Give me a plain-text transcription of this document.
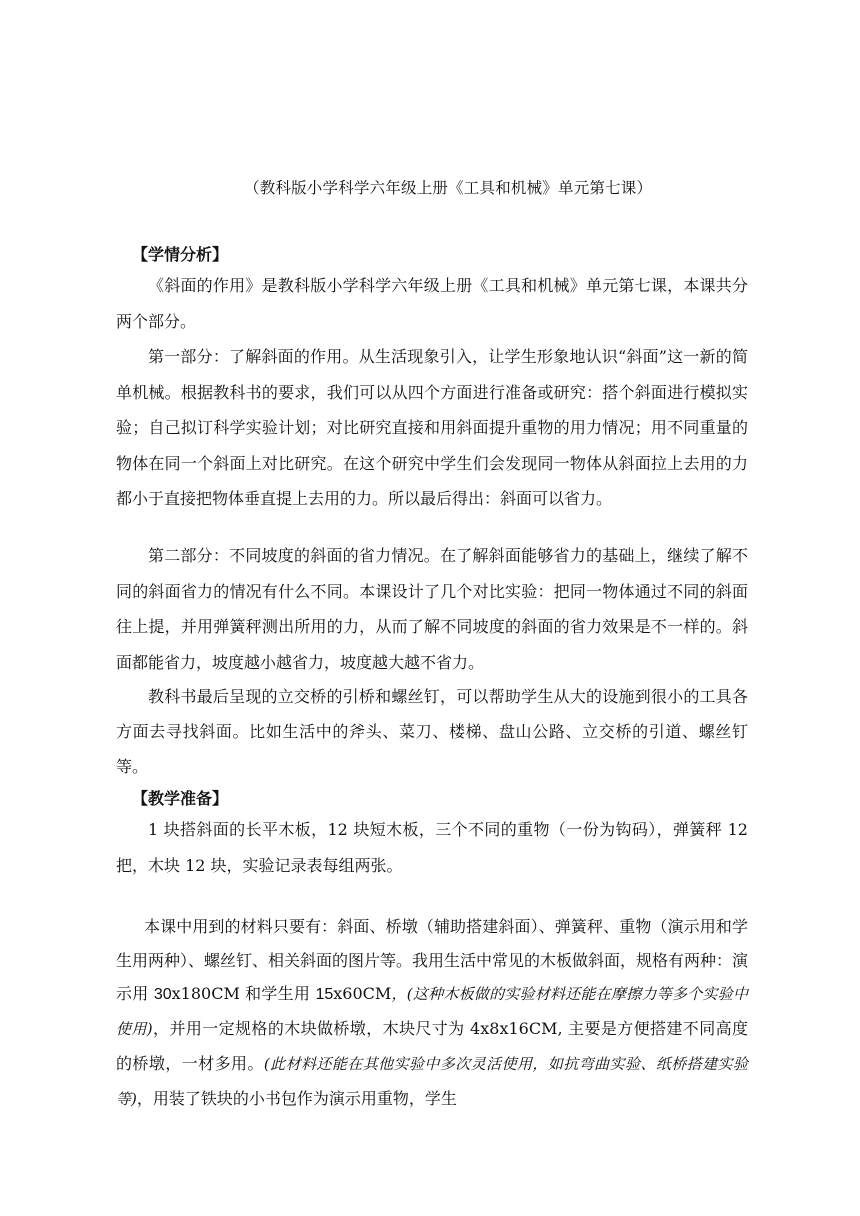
（教科版小学科学六年级上册《工具和机械》单元第七课）
【学情分析】

《斜面的作用》是教科版小学科学六年级上册《工具和机械》单元第七课，本课共分两个部分。

第一部分：了解斜面的作用。从生活现象引入，让学生形象地认识“斜面”这一新的简单机械。根据教科书的要求，我们可以从四个方面进行准备或研究：搭个斜面进行模拟实验；自己拟订科学实验计划；对比研究直接和用斜面提升重物的用力情况；用不同重量的物体在同一个斜面上对比研究。在这个研究中学生们会发现同一物体从斜面拉上去用的力都小于直接把物体垂直提上去用的力。所以最后得出：斜面可以省力。

第二部分：不同坡度的斜面的省力情况。在了解斜面能够省力的基础上，继续了解不同的斜面省力的情况有什么不同。本课设计了几个对比实验：把同一物体通过不同的斜面往上提，并用弹簧秤测出所用的力，从而了解不同坡度的斜面的省力效果是不一样的。斜面都能省力，坡度越小越省力，坡度越大越不省力。

教科书最后呈现的立交桥的引桥和螺丝钉，可以帮助学生从大的设施到很小的工具各方面去寻找斜面。比如生活中的斧头、菜刀、楼梯、盘山公路、立交桥的引道、螺丝钉等。

【教学准备】

1 块搭斜面的长平木板，12 块短木板，三个不同的重物（一份为钩码），弹簧秤 12 把，木块 12 块，实验记录表每组两张。

本课中用到的材料只要有：斜面、桥墩（辅助搭建斜面）、弹簧秤、重物（演示用和学生用两种）、螺丝钉、相关斜面的图片等。我用生活中常见的木板做斜面，规格有两种：演示用 30x180CM 和学生用 15x60CM，(这种木板做的实验材料还能在摩擦力等多个实验中使用)，并用一定规格的木块做桥墩，木块尺寸为 4x8x16CM, 主要是方便搭建不同高度的桥墩，一材多用。(此材料还能在其他实验中多次灵活使用，如抗弯曲实验、纸桥搭建实验等)，用装了铁块的小书包作为演示用重物，学生
